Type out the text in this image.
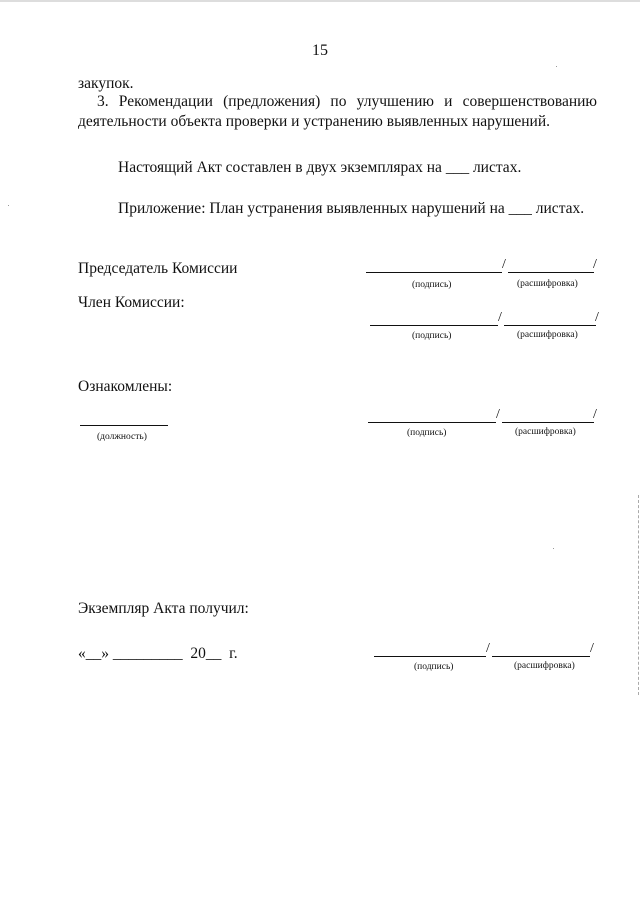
15
закупок.
3. Рекомендации (предложения) по улучшению и совершенствованию
деятельности объекта проверки и устранению выявленных нарушений.
Настоящий Акт составлен в двух экземплярах на ___ листах.
Приложение: План устранения выявленных нарушений на ___ листах.
Председатель Комиссии	/	/
(подпись)	(расшифровка)
Член Комиссии:
/	/
(подпись)	(расшифровка)
Ознакомлены:
(должность)
/	/
(подпись)	(расшифровка)
Экземпляр Акта получил:
«__» _________ 20__ г.	/	/
(подпись)	(расшифровка)
